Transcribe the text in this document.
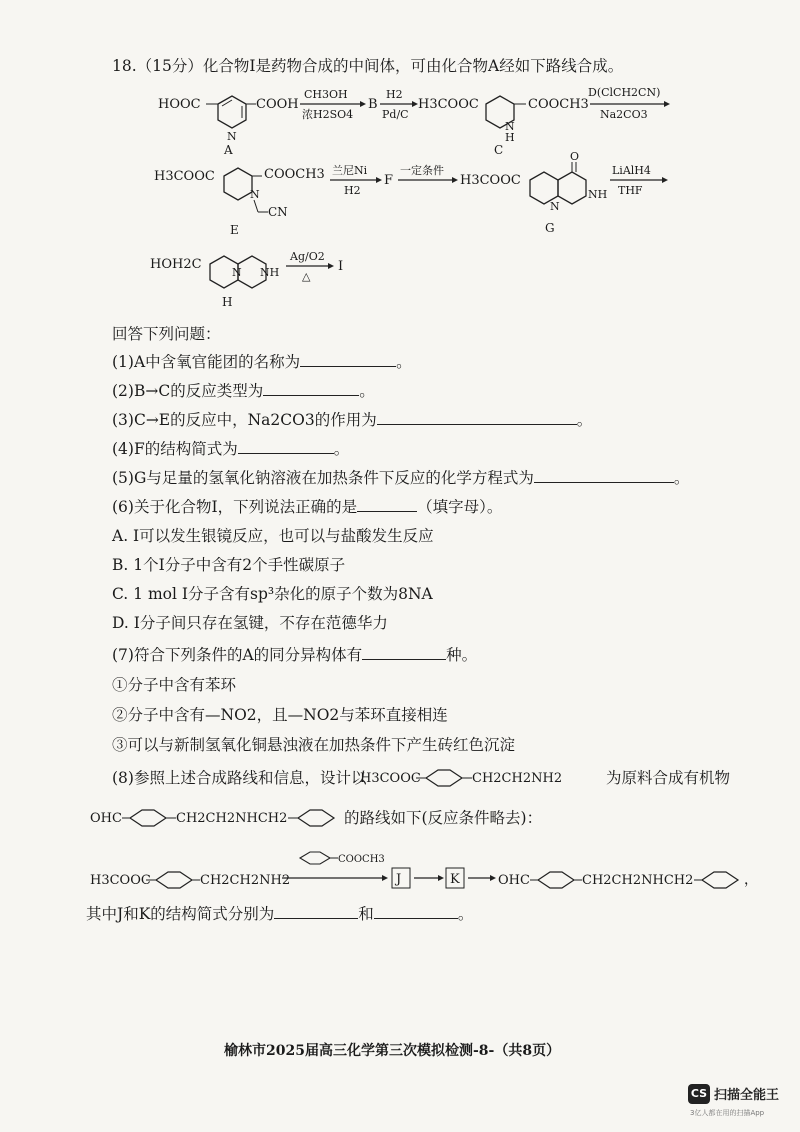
18.（15分）化合物I是药物合成的中间体，可由化合物A经如下路线合成。
HOOC	COOH
N
A
CH3OH
浓H2SO4
B
H2
Pd/C
H3COOC	COOCH3
N
H
C
D(ClCH2CN)
Na2CO3
H3COOC	COOCH3
N
CN
E
兰尼Ni
H2
F
一定条件
H3COOC
O
N
NH
G
LiAlH4
THF
HOH2C
N NH
H
Ag/O2
△
I
回答下列问题：
(1)A中含氧官能团的名称为	。
(2)B→C的反应类型为	。
(3)C→E的反应中，Na2CO3的作用为	。
(4)F的结构简式为	。
(5)G与足量的氢氧化钠溶液在加热条件下反应的化学方程式为	。
(6)关于化合物I，下列说法正确的是	（填字母）。
A. I可以发生银镜反应，也可以与盐酸发生反应
B. 1个I分子中含有2个手性碳原子
C. 1 mol I分子含有sp³杂化的原子个数为8NA
D. I分子间只存在氢键，不存在范德华力
(7)符合下列条件的A的同分异构体有	种。
①分子中含有苯环
②分子中含有—NO2，且—NO2与苯环直接相连
③可以与新制氢氧化铜悬浊液在加热条件下产生砖红色沉淀
(8)参照上述合成路线和信息，设计以
H3COOC	CH2CH2NH2	为原料合成有机物
OHC	CH2CH2NHCH2	的路线如下(反应条件略去)：
H3COOC	CH2CH2NH2
COOCH3
J	K	OHC	CH2CH2NHCH2	，
其中J和K的结构简式分别为	和	。
榆林市2025届高三化学第三次模拟检测-8-（共8页）
CS 扫描全能王
3亿人都在用的扫描App
